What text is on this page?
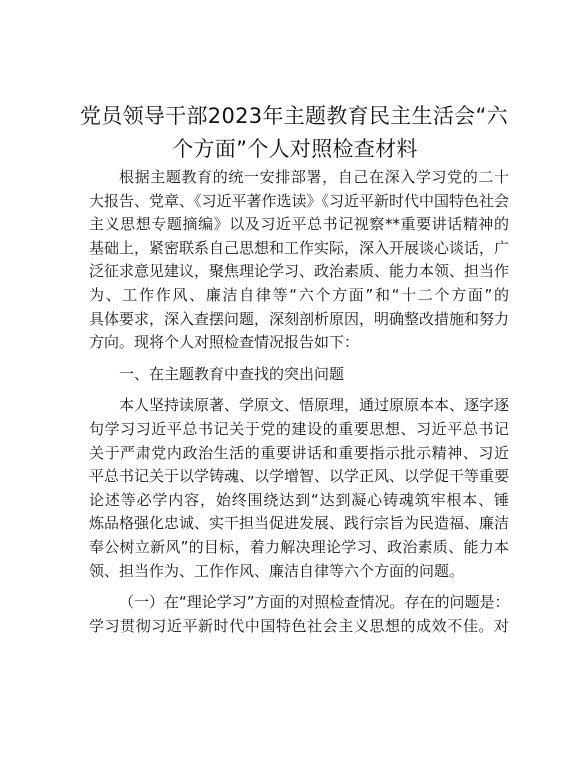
党员领导干部2023年主题教育民主生活会“六
个方面”个人对照检查材料
根据主题教育的统一安排部署，自己在深入学习党的二十
大报告、党章、《习近平著作选读》《习近平新时代中国特色社会
主义思想专题摘编》以及习近平总书记视察**重要讲话精神的
基础上，紧密联系自己思想和工作实际，深入开展谈心谈话，广
泛征求意见建议，聚焦理论学习、政治素质、能力本领、担当作
为、工作作风、廉洁自律等“六个方面”和“十二个方面”的
具体要求，深入查摆问题，深刻剖析原因，明确整改措施和努力
方向。现将个人对照检查情况报告如下：
一、在主题教育中查找的突出问题
本人坚持读原著、学原文、悟原理，通过原原本本、逐字逐
句学习习近平总书记关于党的建设的重要思想、习近平总书记
关于严肃党内政治生活的重要讲话和重要指示批示精神、习近
平总书记关于以学铸魂、以学增智、以学正风、以学促干等重要
论述等必学内容，始终围绕达到“达到凝心铸魂筑牢根本、锤
炼品格强化忠诚、实干担当促进发展、践行宗旨为民造福、廉洁
奉公树立新风”的目标，着力解决理论学习、政治素质、能力本
领、担当作为、工作作风、廉洁自律等六个方面的问题。
（一）在“理论学习”方面的对照检查情况。存在的问题是：
学习贯彻习近平新时代中国特色社会主义思想的成效不佳。对
